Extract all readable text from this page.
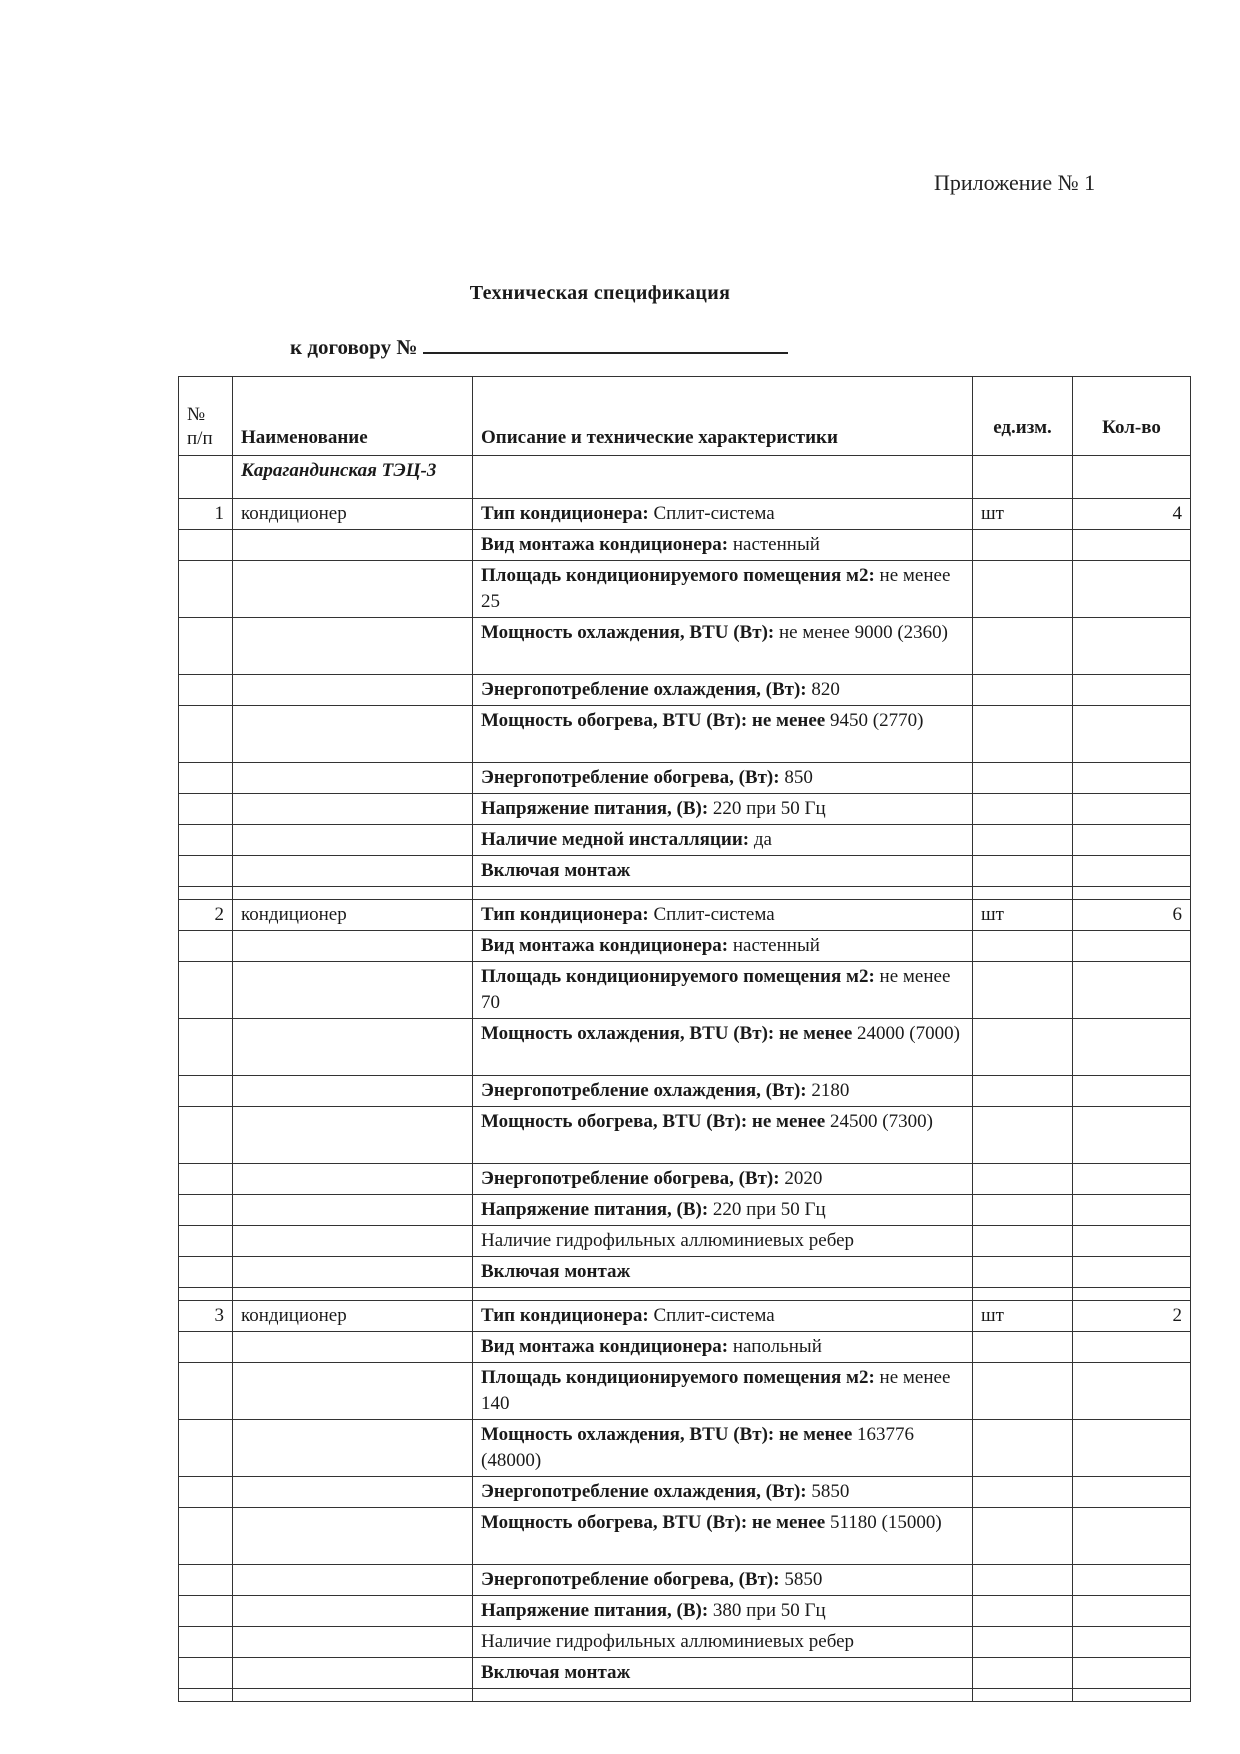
Приложение № 1
Техническая спецификация
к договору №
№ п/п	Наименование	Описание и технические характеристики	ед.изм.	Кол-во
	Карагандинская ТЭЦ-3			
1	кондиционер	Тип кондиционера: Сплит-система	шт	4
		Вид монтажа кондиционера: настенный		
		Площадь кондиционируемого помещения м2: не менее 25		
		Мощность охлаждения, BTU (Вт): не менее 9000 (2360)		
		Энергопотребление охлаждения, (Вт): 820		
		Мощность обогрева, BTU (Вт): не менее 9450 (2770)		
		Энергопотребление обогрева, (Вт): 850		
		Напряжение питания, (В): 220 при 50 Гц		
		Наличие медной инсталляции: да		
		Включая монтаж		

2	кондиционер	Тип кондиционера: Сплит-система	шт	6
		Вид монтажа кондиционера: настенный		
		Площадь кондиционируемого помещения м2: не менее 70		
		Мощность охлаждения, BTU (Вт): не менее 24000 (7000)		
		Энергопотребление охлаждения, (Вт): 2180		
		Мощность обогрева, BTU (Вт): не менее 24500 (7300)		
		Энергопотребление обогрева, (Вт): 2020		
		Напряжение питания, (В): 220 при 50 Гц		
		Наличие гидрофильных аллюминиевых ребер		
		Включая монтаж		

3	кондиционер	Тип кондиционера: Сплит-система	шт	2
		Вид монтажа кондиционера: напольный		
		Площадь кондиционируемого помещения м2: не менее 140		
		Мощность охлаждения, BTU (Вт): не менее 163776 (48000)		
		Энергопотребление охлаждения, (Вт): 5850		
		Мощность обогрева, BTU (Вт): не менее 51180 (15000)		
		Энергопотребление обогрева, (Вт): 5850		
		Напряжение питания, (В): 380 при 50 Гц		
		Наличие гидрофильных аллюминиевых ребер		
		Включая монтаж		
